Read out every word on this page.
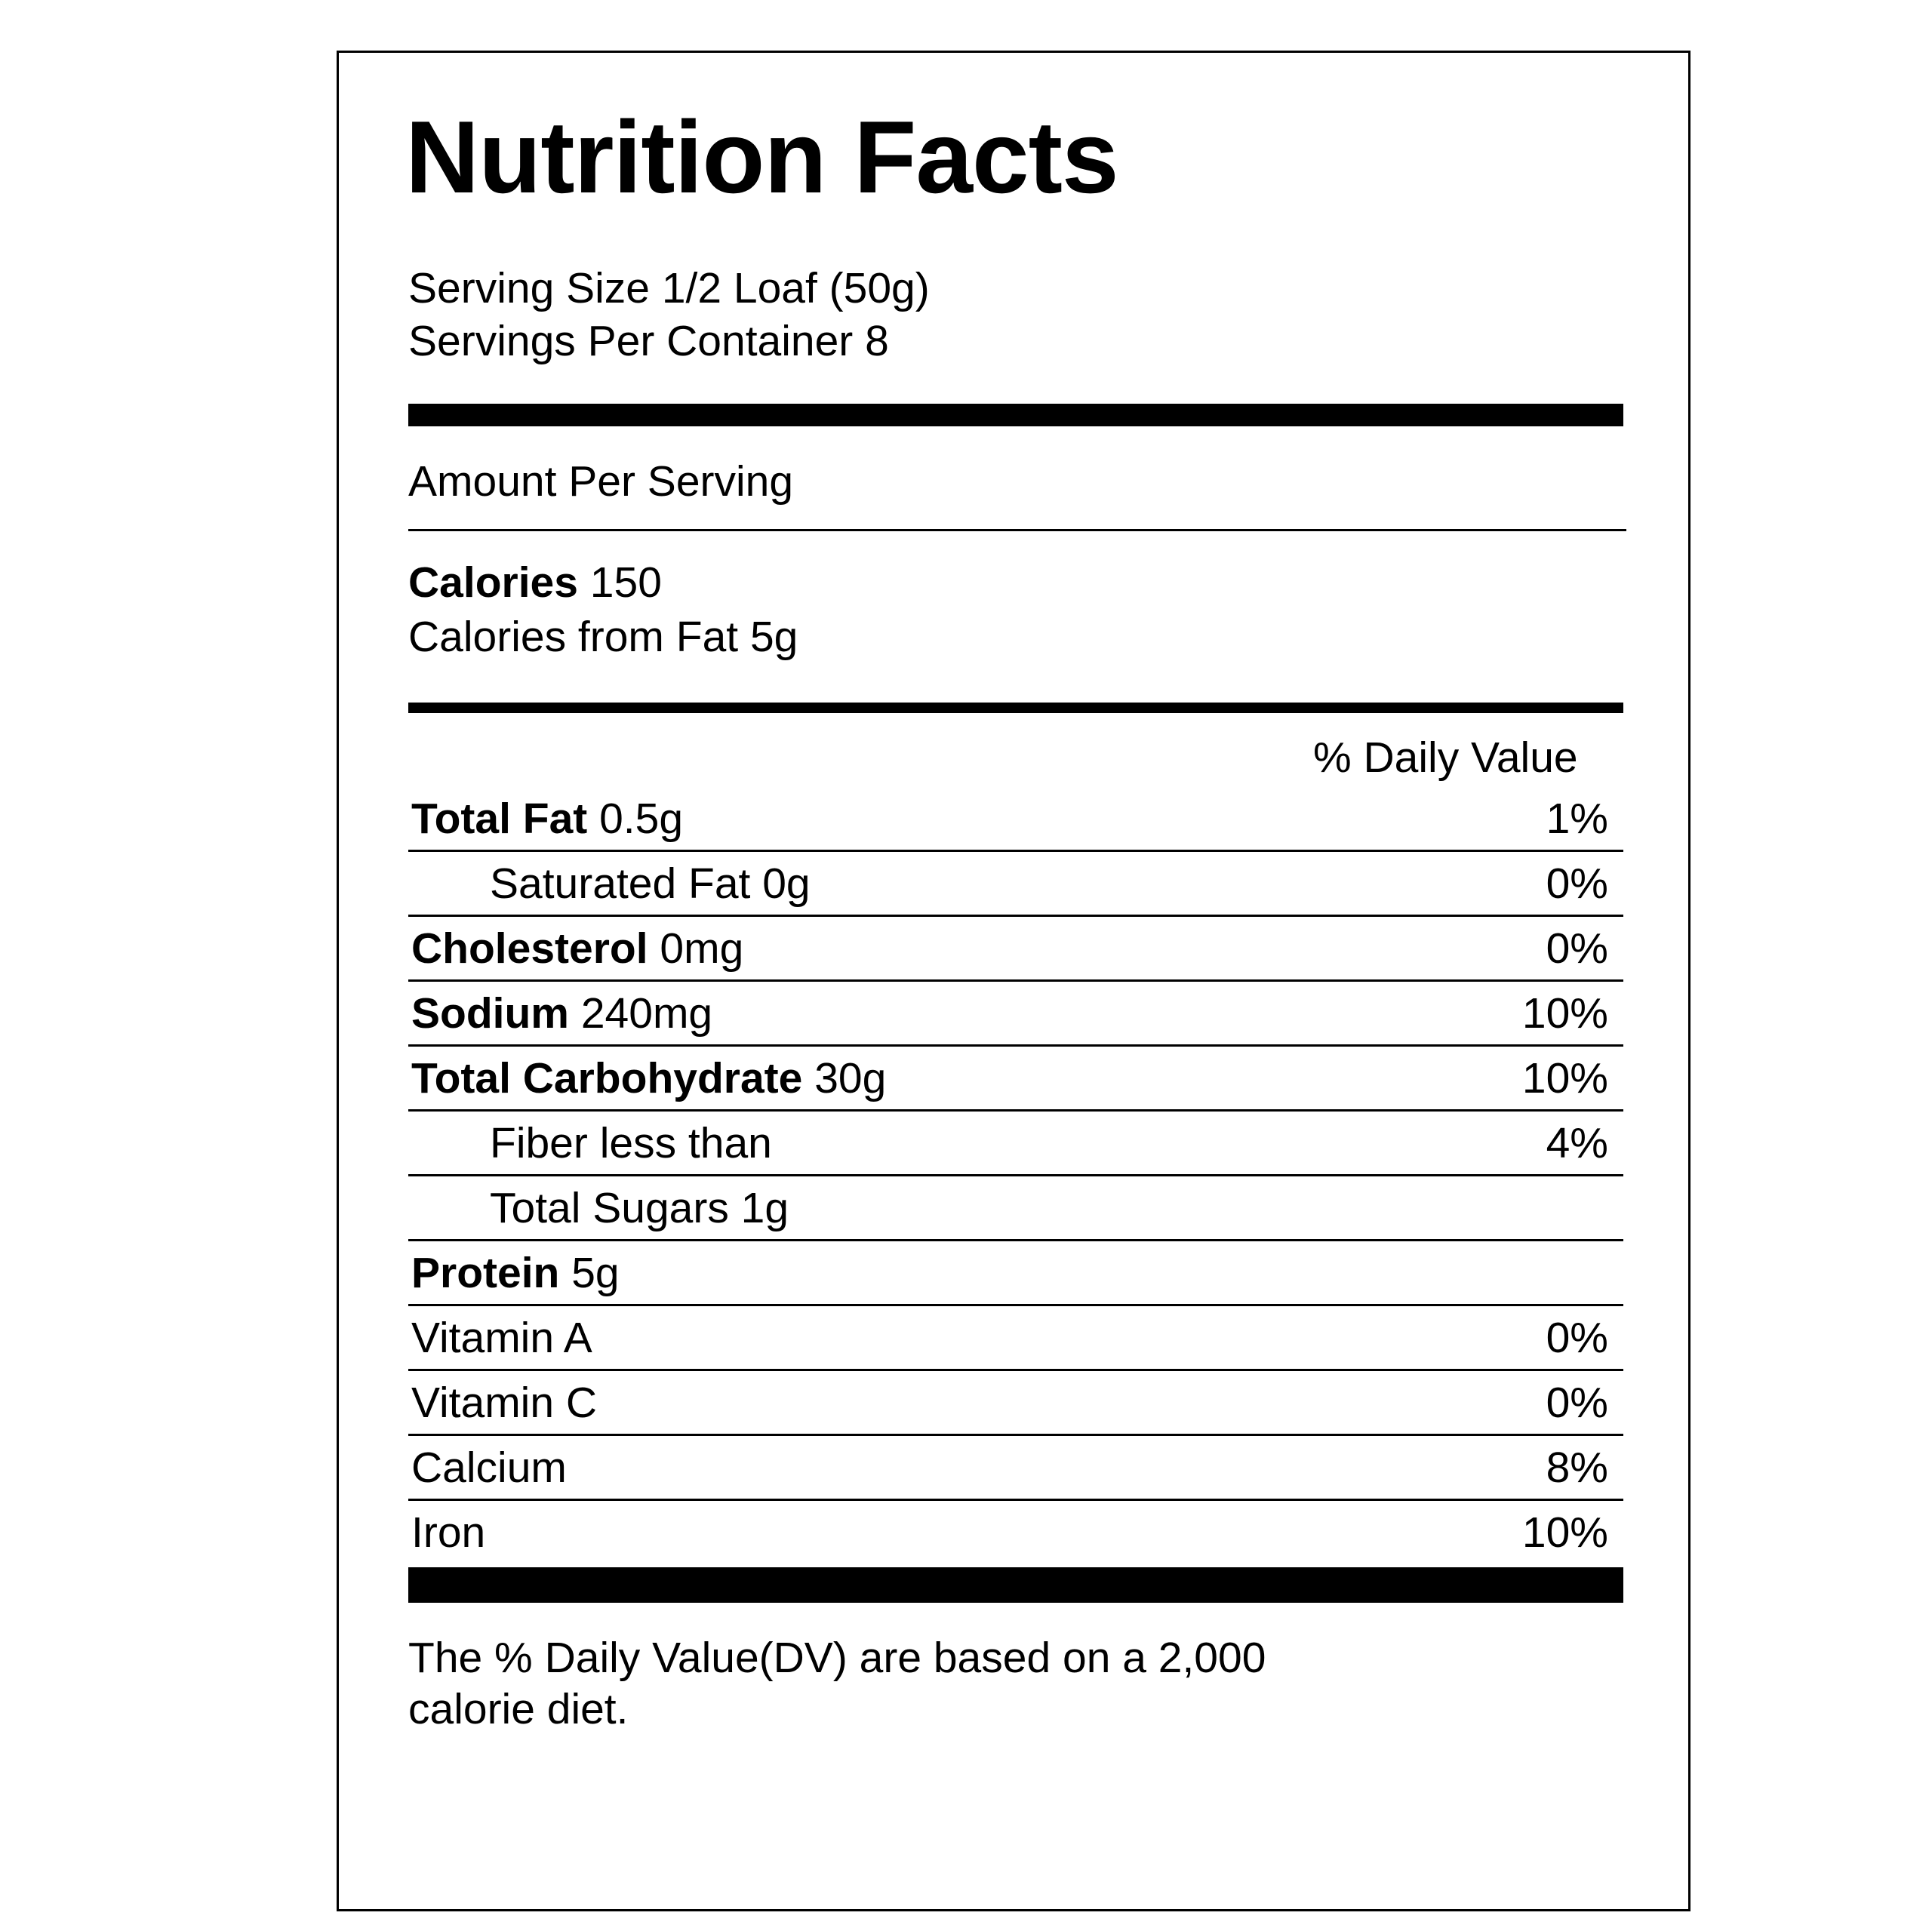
Nutrition Facts
Serving Size 1/2 Loaf (50g)
Servings Per Container 8
Amount Per Serving
Calories 150
Calories from Fat 5g
% Daily Value
Total Fat 0.5g	1%
Saturated Fat 0g	0%
Cholesterol 0mg	0%
Sodium 240mg	10%
Total Carbohydrate 30g	10%
Fiber less than	4%
Total Sugars 1g
Protein 5g
Vitamin A	0%
Vitamin C	0%
Calcium	8%
Iron	10%
The % Daily Value(DV) are based on a 2,000
calorie diet.
